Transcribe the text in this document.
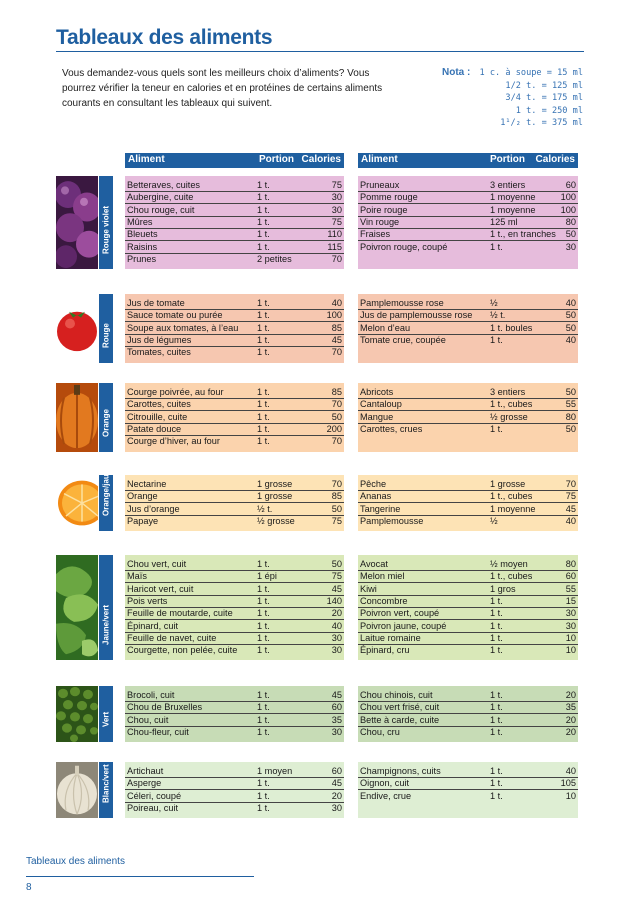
Tableaux des aliments
Vous demandez-vous quels sont les meilleurs choix d’aliments? Vous pourrez vérifier la teneur en calories et en protéines de certains aliments courants en consultant les tableaux qui suivent.
Nota :	1 c. à soupe = 15 ml
1/2 t. = 125 ml
3/4 t. = 175 ml
1 t. = 250 ml
1¹/₂ t. = 375 ml
Aliment	Portion Calories Aliment	Portion Calories
Rouge violet
Betteraves, cuites	1 t.	75
Aubergine, cuite	1 t.	30
Chou rouge, cuit	1 t.	30
Mûres	1 t.	75
Bleuets	1 t.	110
Raisins	1 t.	115
Prunes	2 petites	70
Pruneaux	3 entiers	60
Pomme rouge	1 moyenne	100
Poire rouge	1 moyenne	100
Vin rouge	125 ml	80
Fraises	1 t., en tranches 50
Poivron rouge, coupé	1 t.	30
Rouge
Jus de tomate	1 t.	40
Sauce tomate ou purée	1 t.	100
Soupe aux tomates, à l’eau 1 t.	85
Jus de légumes	1 t.	45
Tomates, cuites	1 t.	70
Pamplemousse rose	½	40
Jus de pamplemousse rose ½ t.	50
Melon d’eau	1 t. boules	50
Tomate crue, coupée	1 t.	40
Orange
Courge poivrée, au four	1 t.	85
Carottes, cuites	1 t.	70
Citrouille, cuite	1 t.	50
Patate douce	1 t.	200
Courge d’hiver, au four	1 t.	70
Abricots	3 entiers	50
Cantaloup	1 t., cubes	55
Mangue	½ grosse	80
Carottes, crues	1 t.	50
Orange/jaune Nectarine	1 grosse	70
Orange	1 grosse	85
Jus d’orange	½ t.	50
Papaye	½ grosse	75
Pêche	1 grosse	70
Ananas	1 t., cubes	75
Tangerine	1 moyenne	45
Pamplemousse	½	40
Jaune/vert
Chou vert, cuit	1 t.	50
Maïs	1 épi	75
Haricot vert, cuit	1 t.	45
Pois verts	1 t.	140
Feuille de moutarde, cuite	1 t.	20
Épinard, cuit	1 t.	40
Feuille de navet, cuite	1 t.	30
Courgette, non pelée, cuite 1 t.	30
Avocat	½ moyen	80
Melon miel	1 t., cubes	60
Kiwi	1 gros	55
Concombre	1 t.	15
Poivron vert, coupé	1 t.	30
Poivron jaune, coupé	1 t.	30
Laitue romaine	1 t.	10
Épinard, cru	1 t.	10
Vert
Brocoli, cuit	1 t.	45
Chou de Bruxelles	1 t.	60
Chou, cuit	1 t.	35
Chou-fleur, cuit	1 t.	30
Chou chinois, cuit	1 t.	20
Chou vert frisé, cuit	1 t.	35
Bette à carde, cuite	1 t.	20
Chou, cru	1 t.	20
Blanc/vert Artichaut	1 moyen	60
Asperge	1 t.	45
Céleri, coupé	1 t.	20
Poireau, cuit	1 t.	30
Champignons, cuits	1 t.	40
Oignon, cuit	1 t.	105
Endive, crue	1 t.	10
Tableaux des aliments
8
